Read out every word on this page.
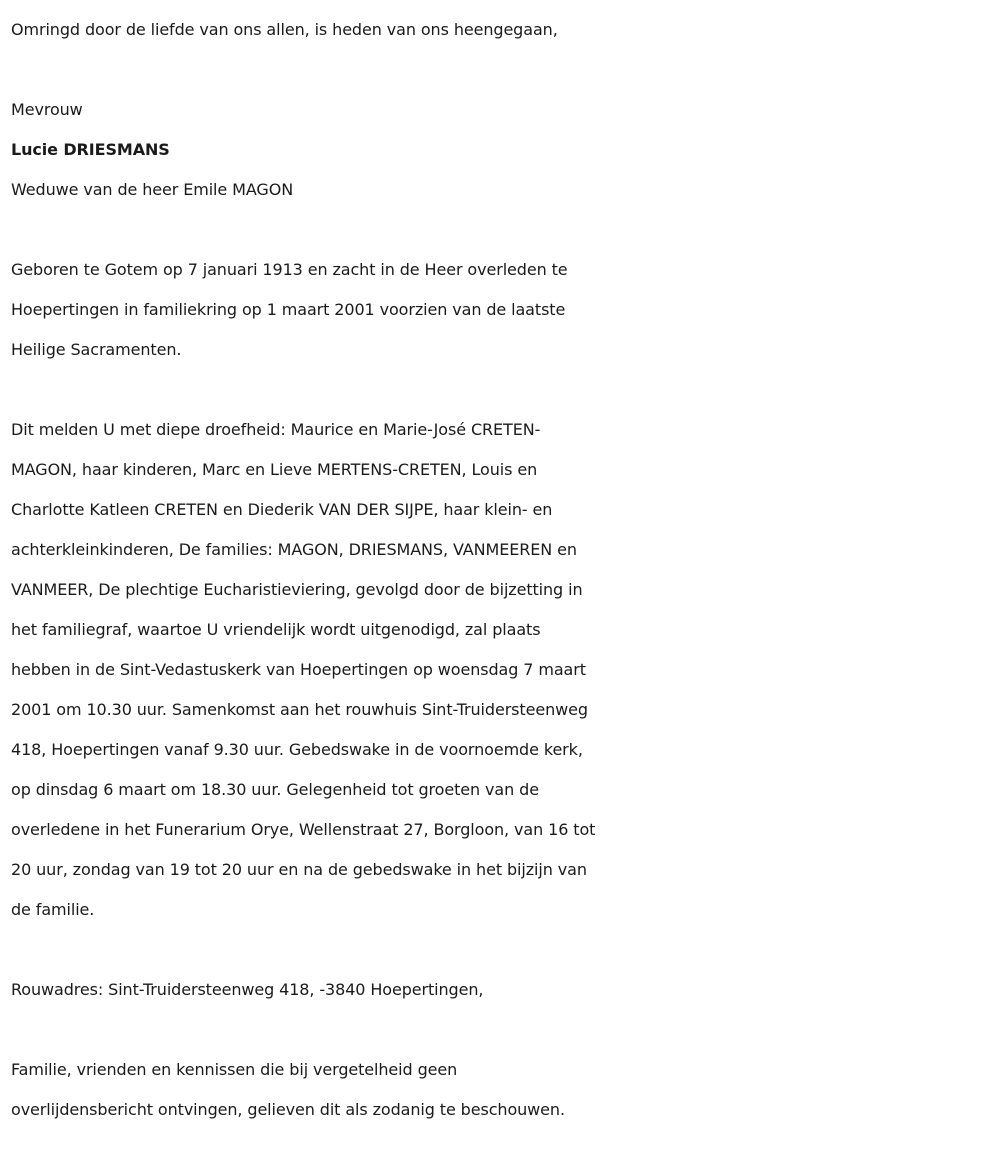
Omringd door de liefde van ons allen, is heden van ons heengegaan,
Mevrouw
Lucie DRIESMANS
Weduwe van de heer Emile MAGON
Geboren te Gotem op 7 januari 1913 en zacht in de Heer overleden te
Hoepertingen in familiekring op 1 maart 2001 voorzien van de laatste
Heilige Sacramenten.
Dit melden U met diepe droefheid: Maurice en Marie-José CRETEN-
MAGON, haar kinderen, Marc en Lieve MERTENS-CRETEN, Louis en
Charlotte Katleen CRETEN en Diederik VAN DER SIJPE, haar klein- en
achterkleinkinderen, De families: MAGON, DRIESMANS, VANMEEREN en
VANMEER, De plechtige Eucharistieviering, gevolgd door de bijzetting in
het familiegraf, waartoe U vriendelijk wordt uitgenodigd, zal plaats
hebben in de Sint-Vedastuskerk van Hoepertingen op woensdag 7 maart
2001 om 10.30 uur. Samenkomst aan het rouwhuis Sint-Truidersteenweg
418, Hoepertingen vanaf 9.30 uur. Gebedswake in de voornoemde kerk,
op dinsdag 6 maart om 18.30 uur. Gelegenheid tot groeten van de
overledene in het Funerarium Orye, Wellenstraat 27, Borgloon, van 16 tot
20 uur, zondag van 19 tot 20 uur en na de gebedswake in het bijzijn van
de familie.
Rouwadres: Sint-Truidersteenweg 418, -3840 Hoepertingen,
Familie, vrienden en kennissen die bij vergetelheid geen
overlijdensbericht ontvingen, gelieven dit als zodanig te beschouwen.
